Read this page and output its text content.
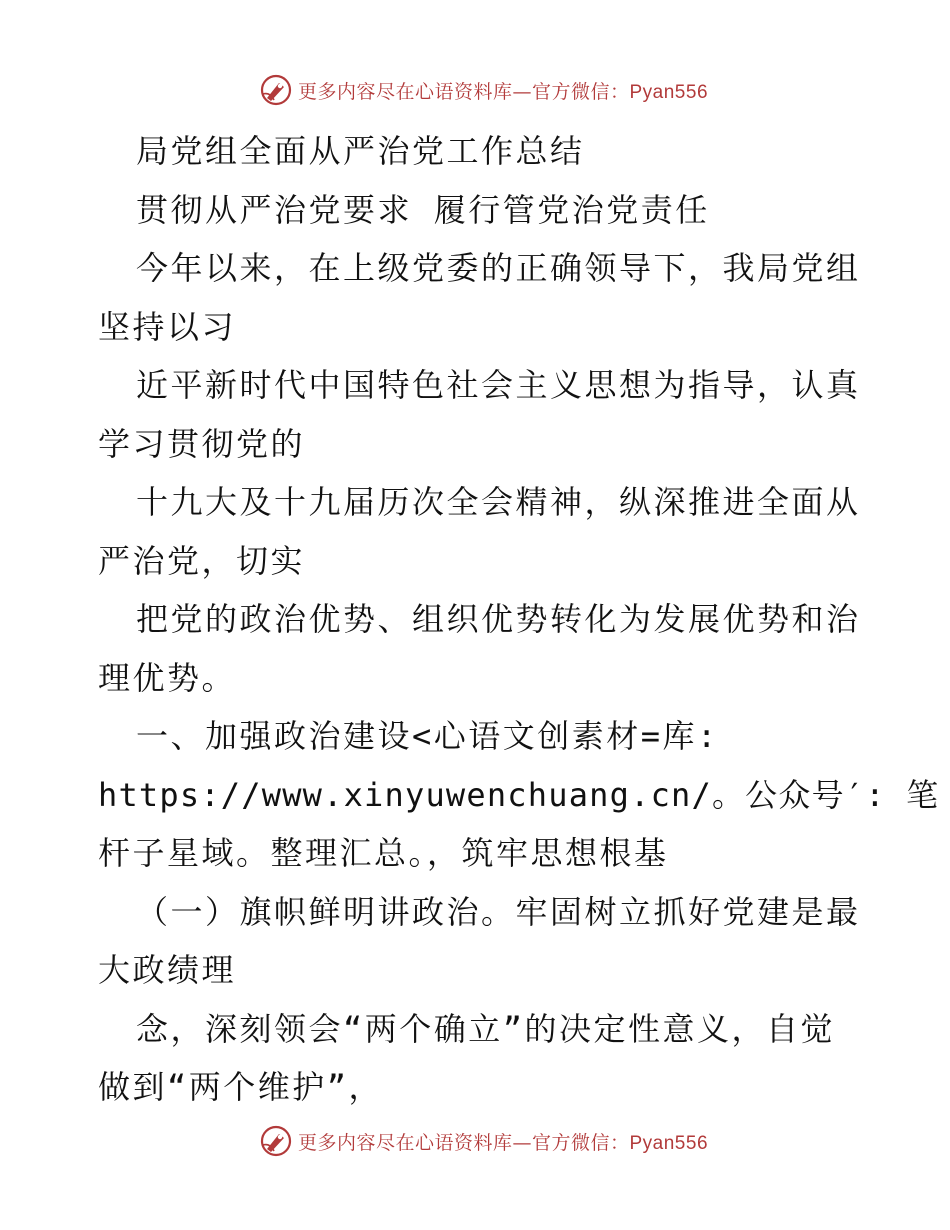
更多内容尽在心语资料库—官方微信：Pyan556
局党组全面从严治党工作总结
贯彻从严治党要求 履行管党治党责任
今年以来，在上级党委的正确领导下，我局党组
坚持以习
近平新时代中国特色社会主义思想为指导，认真
学习贯彻党的
十九大及十九届历次全会精神，纵深推进全面从
严治党，切实
把党的政治优势、组织优势转化为发展优势和治
理优势。
一、加强政治建设<心语文创素材=库:
https://www.xinyuwenchuang.cn/。公众号′: 笔
杆子星域。整理汇总。，筑牢思想根基
（一）旗帜鲜明讲政治。牢固树立抓好党建是最
大政绩理
念，深刻领会“两个确立”的决定性意义，自觉
做到“两个维护”，
更多内容尽在心语资料库—官方微信：Pyan556
